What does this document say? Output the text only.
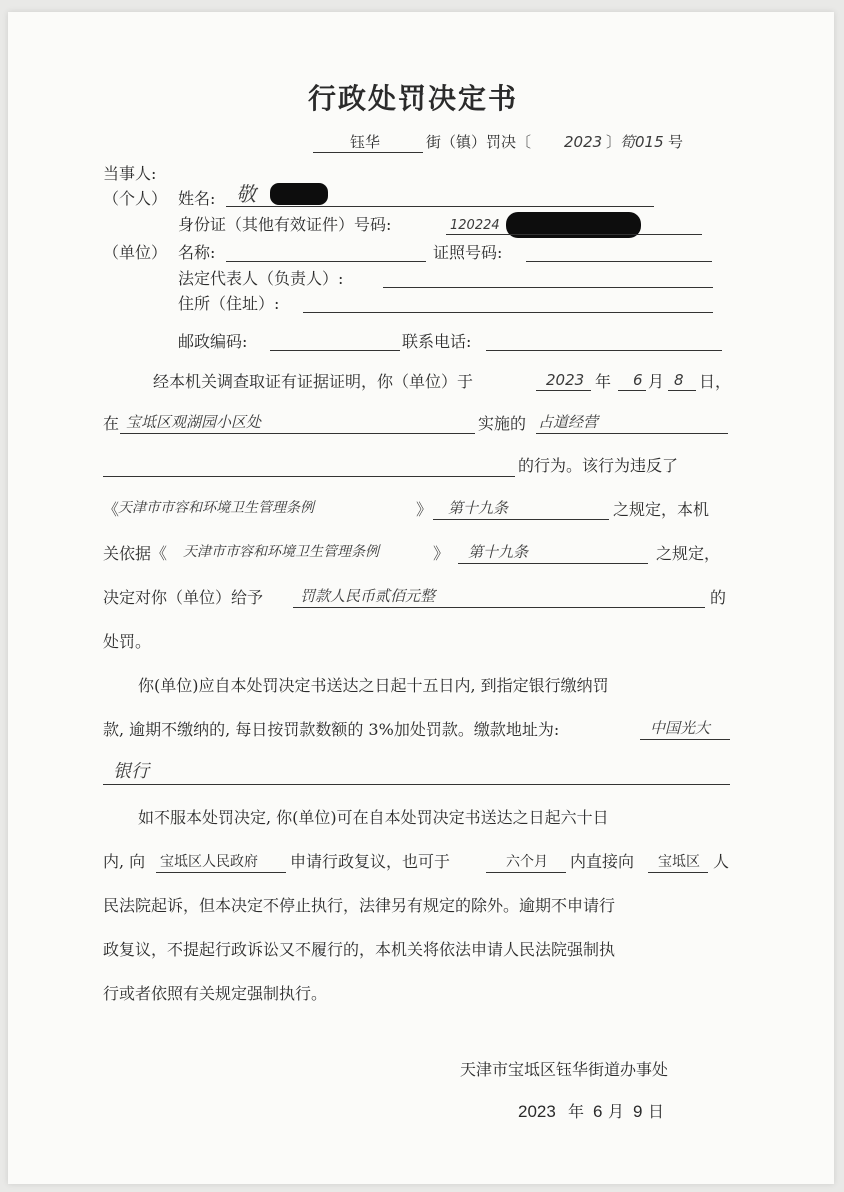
行政处罚决定书
钰华	街（镇）罚决〔 2023 〕
筍015 号
当事人:
（个人） 姓名: 敬
身份证（其他有效证件）号码:	120224
（单位） 名称:	证照号码:
法定代表人（负责人）:
住所（住址）:
邮政编码:	联系电话:
经本机关调查取证有证据证明，你（单位）于	2023 年 6 月 8 日，
在 宝坻区观湖园小区处	实施的 占道经营
的行为。该行为违反了
《
天津市市容和环境卫生管理条例	》 第十九条	之规定，本机
关依据《 天津市市容和环境卫生管理条例	》 第十九条	之规定，
决定对你（单位）给予 罚款人民币贰佰元整	的
处罚。
你(单位)应自本处罚决定书送达之日起十五日内, 到指定银行缴纳罚
款, 逾期不缴纳的, 每日按罚款数额的 3%加处罚款。缴款地址为:	中国光大
银行
如不服本处罚决定, 你(单位)可在自本处罚决定书送达之日起六十日
内, 向 宝坻区人民政府 申请行政复议，也可于	六个月 内直接向 宝坻区 人
民法院起诉，但本决定不停止执行，法律另有规定的除外。逾期不申请行
政复议，不提起行政诉讼又不履行的，本机关将依法申请人民法院强制执
行或者依照有关规定强制执行。
天津市宝坻区钰华街道办事处
2023 年 6 月 9 日
